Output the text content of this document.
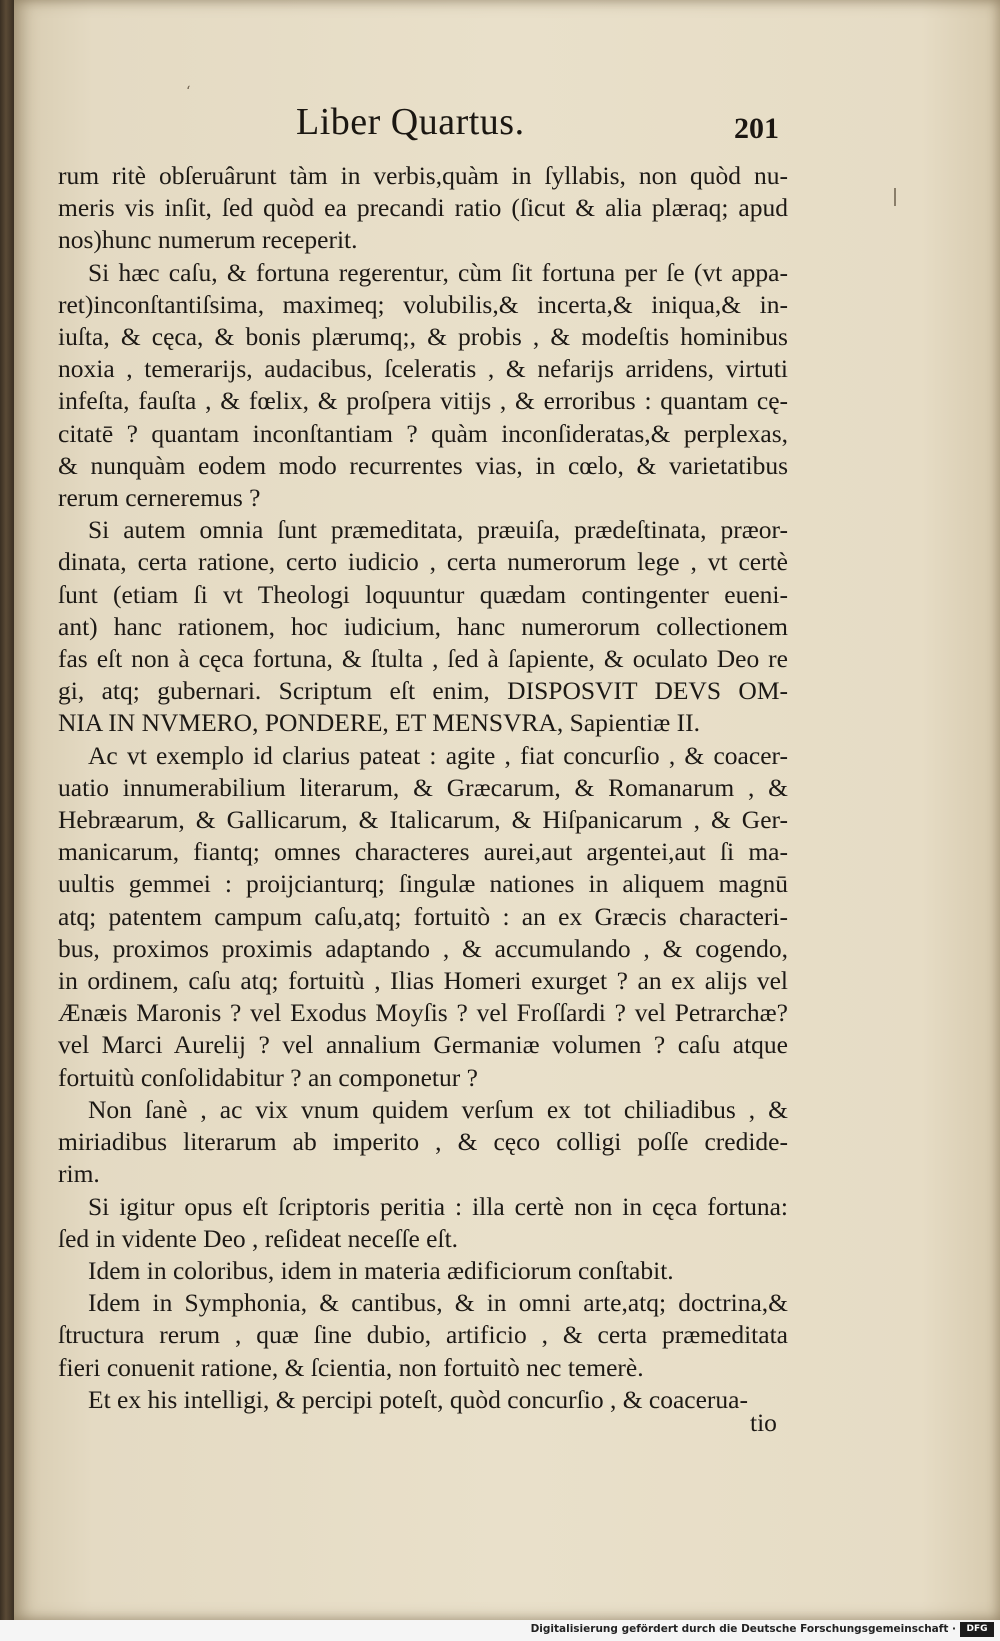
‘
Liber Quartus.	201
rum ritè obſeruârunt tàm in verbis,quàm in ſyllabis, non quòd nu-
meris vis inſit, ſed quòd ea precandi ratio (ſicut & alia plæraq; apud
nos)hunc numerum receperit.
Si hæc caſu, & fortuna regerentur, cùm ſit fortuna per ſe (vt appa-
ret)inconſtantiſsima, maximeq; volubilis,& incerta,& iniqua,& in-
iuſta, & cęca, & bonis plærumq;, & probis , & modeſtis hominibus
noxia , temerarijs, audacibus, ſceleratis , & nefarijs arridens, virtuti
infeſta, fauſta , & fœlix, & proſpera vitijs , & erroribus : quantam cę-
citatē ? quantam inconſtantiam ? quàm inconſideratas,& perplexas,
& nunquàm eodem modo recurrentes vias, in cœlo, & varietatibus
rerum cerneremus ?
Si autem omnia ſunt præmeditata, præuiſa, prædeſtinata, præor-
dinata, certa ratione, certo iudicio , certa numerorum lege , vt certè
ſunt (etiam ſi vt Theologi loquuntur quædam contingenter eueni-
ant) hanc rationem, hoc iudicium, hanc numerorum collectionem
fas eſt non à cęca fortuna, & ſtulta , ſed à ſapiente, & oculato Deo re
gi, atq; gubernari. Scriptum eſt enim, DISPOSVIT DEVS OM-
NIA IN NVMERO, PONDERE, ET MENSVRA, Sapientiæ II.
Ac vt exemplo id clarius pateat : agite , fiat concurſio , & coacer-
uatio innumerabilium literarum, & Græcarum, & Romanarum , &
Hebræarum, & Gallicarum, & Italicarum, & Hiſpanicarum , & Ger-
manicarum, fiantq; omnes characteres aurei,aut argentei,aut ſi ma-
uultis gemmei : proijcianturq; ſingulæ nationes in aliquem magnū
atq; patentem campum caſu,atq; fortuitò : an ex Græcis characteri-
bus, proximos proximis adaptando , & accumulando , & cogendo,
in ordinem, caſu atq; fortuitù , Ilias Homeri exurget ? an ex alijs vel
Ænæis Maronis ? vel Exodus Moyſis ? vel Froſſardi ? vel Petrarchæ?
vel Marci Aurelij ? vel annalium Germaniæ volumen ? caſu atque
fortuitù conſolidabitur ? an componetur ?
Non ſanè , ac vix vnum quidem verſum ex tot chiliadibus , &
miriadibus literarum ab imperito , & cęco colligi poſſe credide-
rim.
Si igitur opus eſt ſcriptoris peritia : illa certè non in cęca fortuna:
ſed in vidente Deo , reſideat neceſſe eſt.
Idem in coloribus, idem in materia ædificiorum conſtabit.
Idem in Symphonia, & cantibus, & in omni arte,atq; doctrina,&
ſtructura rerum , quæ ſine dubio, artificio , & certa præmeditata
fieri conuenit ratione, & ſcientia, non fortuitò nec temerè.
Et ex his intelligi, & percipi poteſt, quòd concurſio , & coaceruа-
tio
Digitalisierung gefördert durch die Deutsche Forschungsgemeinschaft ·	DFG
